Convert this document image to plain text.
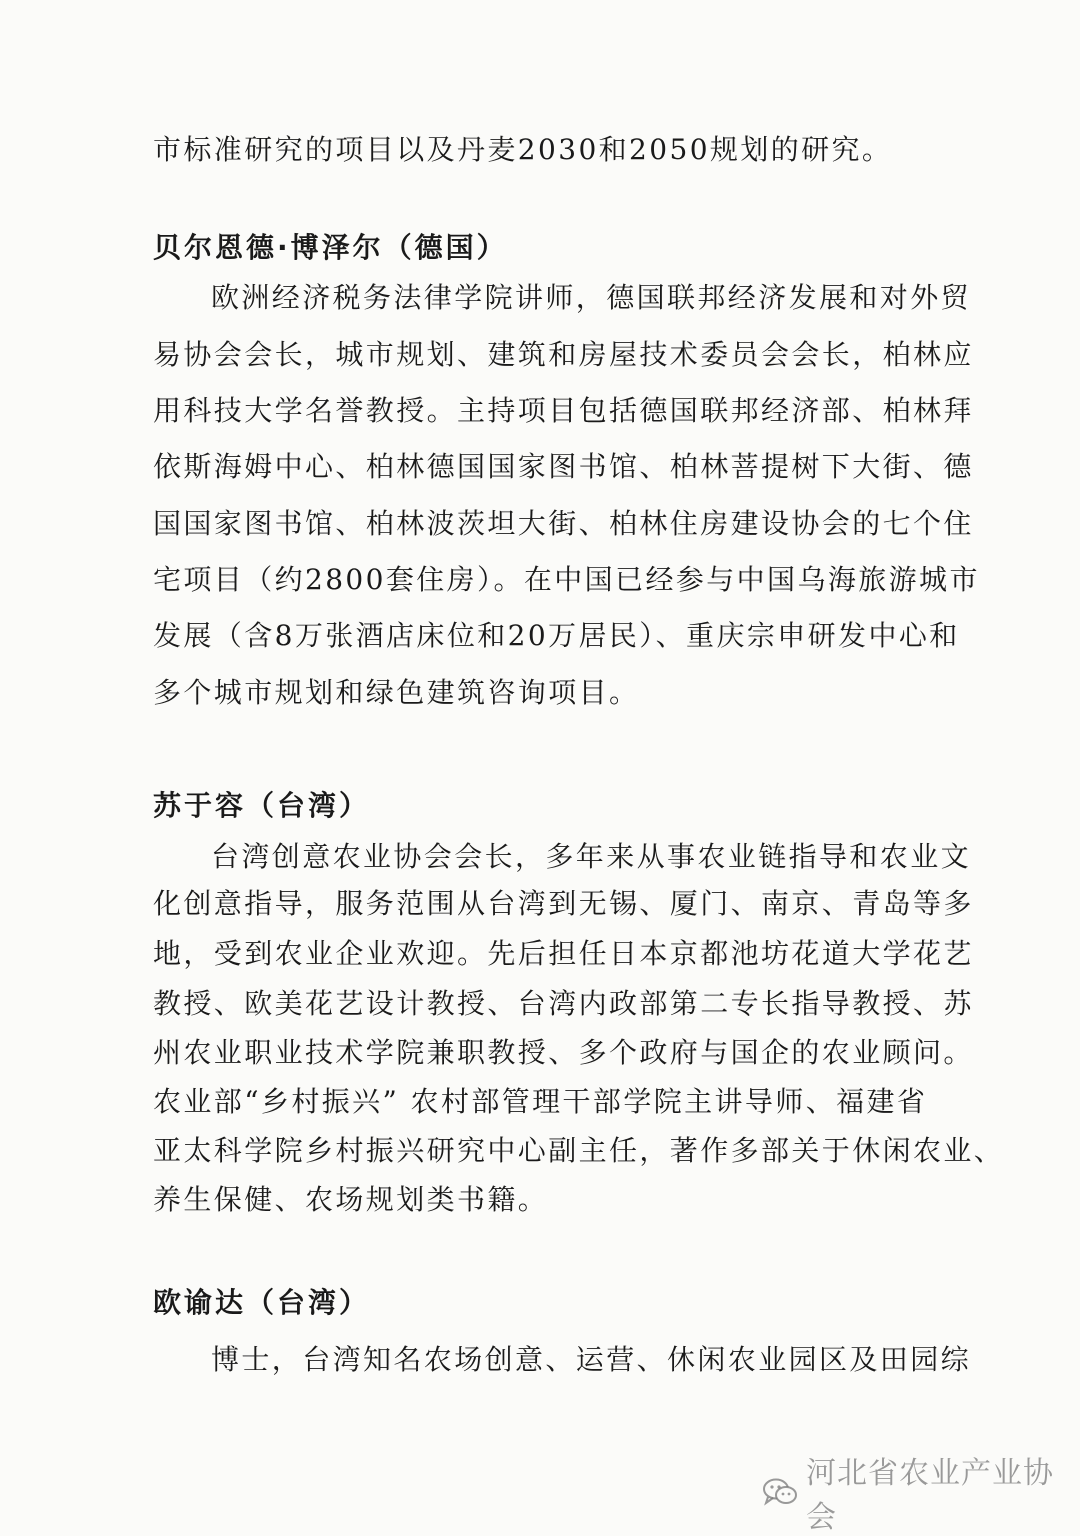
市标准研究的项目以及丹麦2030和2050规划的研究。
贝尔恩德·博泽尔（德国）
欧洲经济税务法律学院讲师，德国联邦经济发展和对外贸
易协会会长，城市规划、建筑和房屋技术委员会会长，柏林应
用科技大学名誉教授。主持项目包括德国联邦经济部、柏林拜
依斯海姆中心、柏林德国国家图书馆、柏林菩提树下大街、德
国国家图书馆、柏林波茨坦大街、柏林住房建设协会的七个住
宅项目（约2800套住房）。在中国已经参与中国乌海旅游城市
发展（含8万张酒店床位和20万居民）、重庆宗申研发中心和
多个城市规划和绿色建筑咨询项目。
苏于容（台湾）
台湾创意农业协会会长，多年来从事农业链指导和农业文
化创意指导，服务范围从台湾到无锡、厦门、南京、青岛等多
地，受到农业企业欢迎。先后担任日本京都池坊花道大学花艺
教授、欧美花艺设计教授、台湾内政部第二专长指导教授、苏
州农业职业技术学院兼职教授、多个政府与国企的农业顾问。
农业部“乡村振兴” 农村部管理干部学院主讲导师、福建省
亚太科学院乡村振兴研究中心副主任，著作多部关于休闲农业、
养生保健、农场规划类书籍。
欧谕达（台湾）
博士，台湾知名农场创意、运营、休闲农业园区及田园综
河北省农业产业协会
